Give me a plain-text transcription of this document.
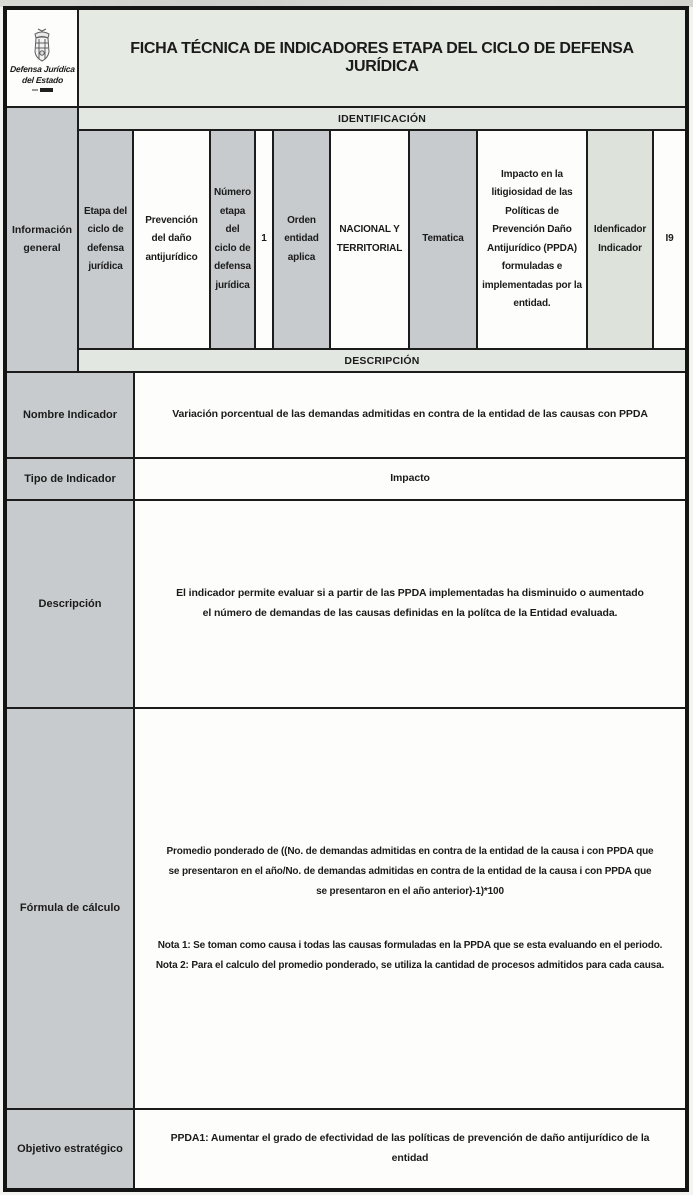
Defensa Jurídica
del Estado
FICHA TÉCNICA DE INDICADORES ETAPA DEL CICLO DE DEFENSA JURÍDICA
Información general
IDENTIFICACIÓN
Etapa del ciclo de defensa jurídica
Prevención del daño antijurídico
Número etapa del ciclo de defensa jurídica
1
Orden entidad aplica
NACIONAL Y TERRITORIAL
Tematica
Impacto en la litigiosidad de las Políticas de Prevención Daño Antijurídico (PPDA) formuladas e implementadas por la entidad.
Idenficador Indicador
I9
DESCRIPCIÓN
Nombre Indicador	Variación porcentual de las demandas admitidas en contra de la entidad de las causas con PPDA
Tipo de Indicador	Impacto
Descripción
El indicador permite evaluar si a partir de las PPDA implementadas ha disminuido o aumentado el número de demandas de las causas definidas en la polítca de la Entidad evaluada.
Fórmula de cálculo
Promedio ponderado de ((No. de demandas admitidas en contra de la entidad de la causa i con PPDA que se presentaron en el año/No. de demandas admitidas en contra de la entidad de la causa i con PPDA que se presentaron en el año anterior)-1)*100
Nota 1: Se toman como causa i todas las causas formuladas en la PPDA que se esta evaluando en el periodo.
Nota 2: Para el calculo del promedio ponderado, se utiliza la cantidad de procesos admitidos para cada causa.
Objetivo estratégico
PPDA1: Aumentar el grado de efectividad de las políticas de prevención de daño antijurídico de la entidad
